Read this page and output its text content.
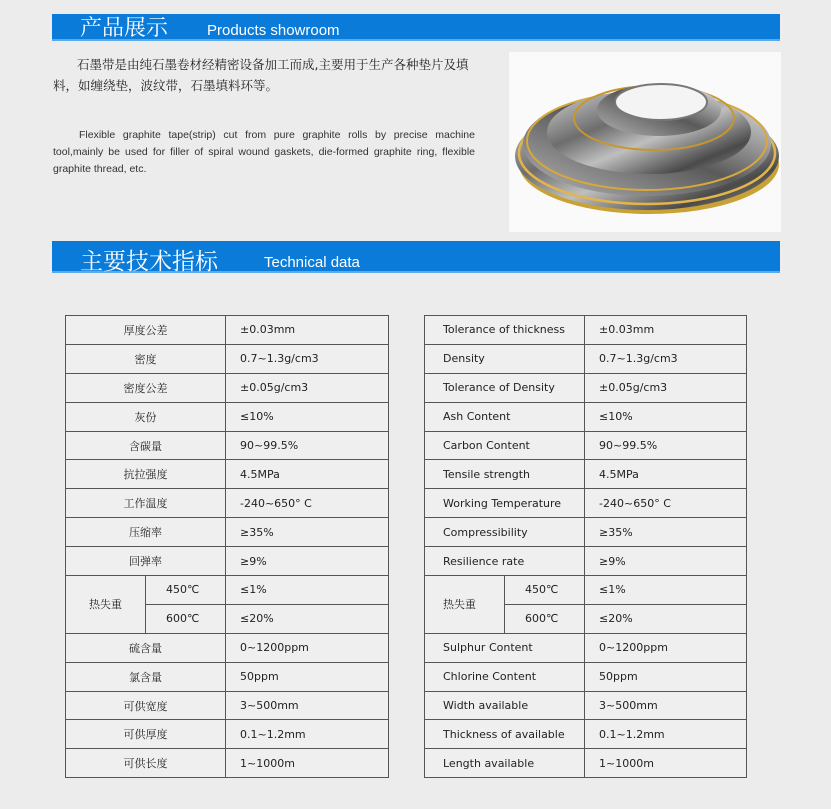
产品展示	Products showroom
石墨带是由纯石墨卷材经精密设备加工而成,主要用于生产各种垫片及填料，如缠绕垫，波纹带，石墨填料环等。
Flexible graphite tape(strip) cut from pure graphite rolls by precise machine tool,mainly be used for filler of spiral wound gaskets, die-formed graphite ring, flexible graphite thread, etc.
主要技术指标	Technical data
厚度公差		±0.03mm
密度		0.7~1.3g/cm3
密度公差		±0.05g/cm3
灰份		≤10%
含碳量		90~99.5%
抗拉强度		4.5MPa
工作温度		-240~650° C
压缩率		≥35%
回弹率		≥9%
热失重	450℃	≤1%
	600℃	≤20%
硫含量		0~1200ppm
氯含量		50ppm
可供宽度		3~500mm
可供厚度		0.1~1.2mm
可供长度		1~1000m
Tolerance of thickness		±0.03mm
Density		0.7~1.3g/cm3
Tolerance of Density		±0.05g/cm3
Ash Content		≤10%
Carbon Content		90~99.5%
Tensile strength		4.5MPa
Working Temperature		-240~650° C
Compressibility		≥35%
Resilience rate		≥9%
热失重	450℃	≤1%
	600℃	≤20%
Sulphur Content		0~1200ppm
Chlorine Content		50ppm
Width available		3~500mm
Thickness of available		0.1~1.2mm
Length available		1~1000m
